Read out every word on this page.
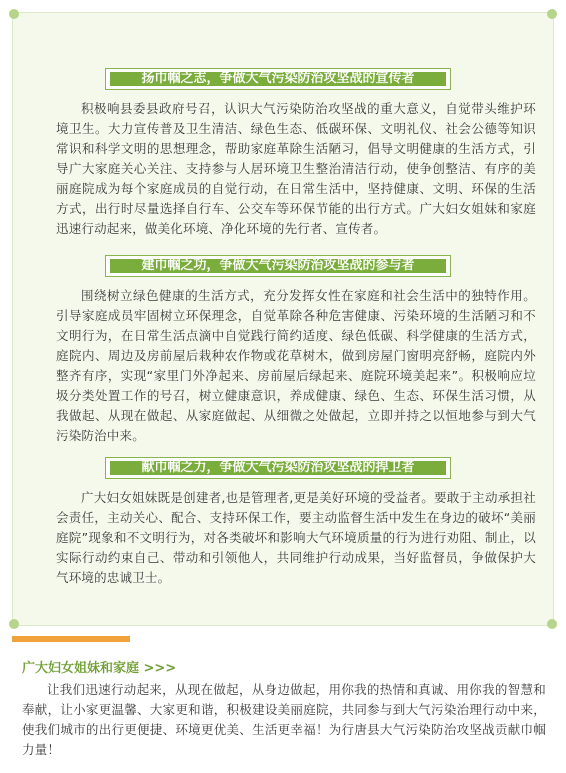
扬巾帼之志，争做大气污染防治攻坚战的宣传者

积极响县委县政府号召，认识大气污染防治攻坚战的重大意义，自觉带头维护环境卫生。大力宣传普及卫生清洁、绿色生态、低碳环保、文明礼仪、社会公德等知识常识和科学文明的思想理念，帮助家庭革除生活陋习，倡导文明健康的生活方式，引导广大家庭关心关注、支持参与人居环境卫生整治清洁行动，使争创整洁、有序的美丽庭院成为每个家庭成员的自觉行动，在日常生活中，坚持健康、文明、环保的生活方式，出行时尽量选择自行车、公交车等环保节能的出行方式。广大妇女姐妹和家庭迅速行动起来，做美化环境、净化环境的先行者、宣传者。

建巾帼之功，争做大气污染防治攻坚战的参与者

围绕树立绿色健康的生活方式，充分发挥女性在家庭和社会生活中的独特作用。引导家庭成员牢固树立环保理念，自觉革除各种危害健康、污染环境的生活陋习和不文明行为，在日常生活点滴中自觉践行简约适度、绿色低碳、科学健康的生活方式，庭院内、周边及房前屋后栽种农作物或花草树木，做到房屋门窗明亮舒畅，庭院内外整齐有序，实现“家里门外净起来、房前屋后绿起来、庭院环境美起来”。积极响应垃圾分类处置工作的号召，树立健康意识，养成健康、绿色、生态、环保生活习惯，从我做起、从现在做起、从家庭做起、从细微之处做起，立即并持之以恒地参与到大气污染防治中来。

献巾帼之力，争做大气污染防治攻坚战的捍卫者

广大妇女姐妹既是创建者,也是管理者,更是美好环境的受益者。要敢于主动承担社会责任，主动关心、配合、支持环保工作，要主动监督生活中发生在身边的破坏“美丽庭院”现象和不文明行为，对各类破坏和影响大气环境质量的行为进行劝阻、制止，以实际行动约束自己、带动和引领他人，共同维护行动成果，当好监督员，争做保护大气环境的忠诚卫士。

广大妇女姐妹和家庭 >>>

让我们迅速行动起来，从现在做起，从身边做起，用你我的热情和真诚、用你我的智慧和奉献，让小家更温馨、大家更和谐，积极建设美丽庭院，共同参与到大气污染治理行动中来，使我们城市的出行更便捷、环境更优美、生活更幸福！为行唐县大气污染防治攻坚战贡献巾帼力量！
